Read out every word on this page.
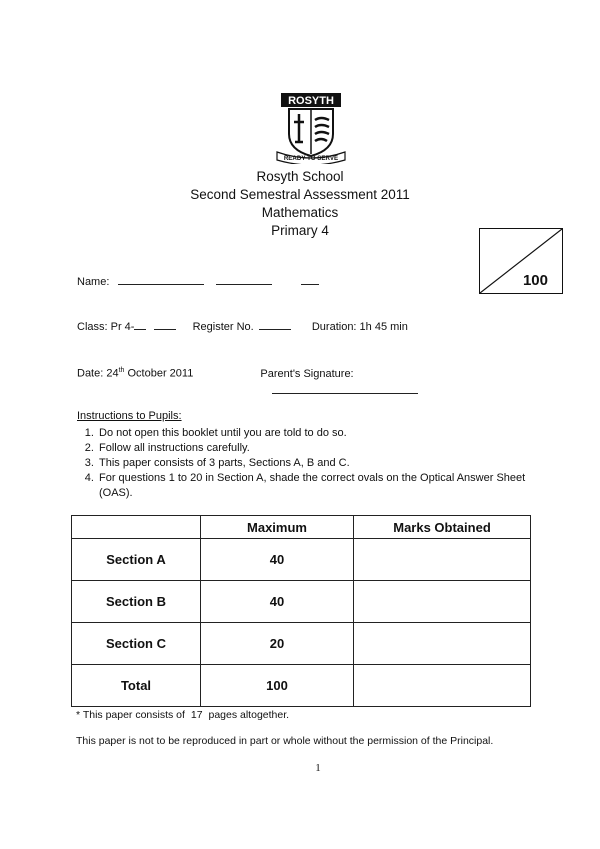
ROSYTH
READY TO SERVE
Rosyth School
Second Semestral Assessment 2011
Mathematics
Primary 4
100
Name:
Class: Pr 4-	Register No.	Duration: 1h 45 min
Date: 24th October 2011	Parent's Signature:
Instructions to Pupils:
1. Do not open this booklet until you are told to do so.
2. Follow all instructions carefully.
3. This paper consists of 3 parts, Sections A, B and C.
4. For questions 1 to 20 in Section A, shade the correct ovals on the Optical Answer Sheet (OAS).
	Maximum	Marks Obtained
Section A	40	
Section B	40	
Section C	20	
Total	100	
* This paper consists of 17 pages altogether.
This paper is not to be reproduced in part or whole without the permission of the Principal.
1
